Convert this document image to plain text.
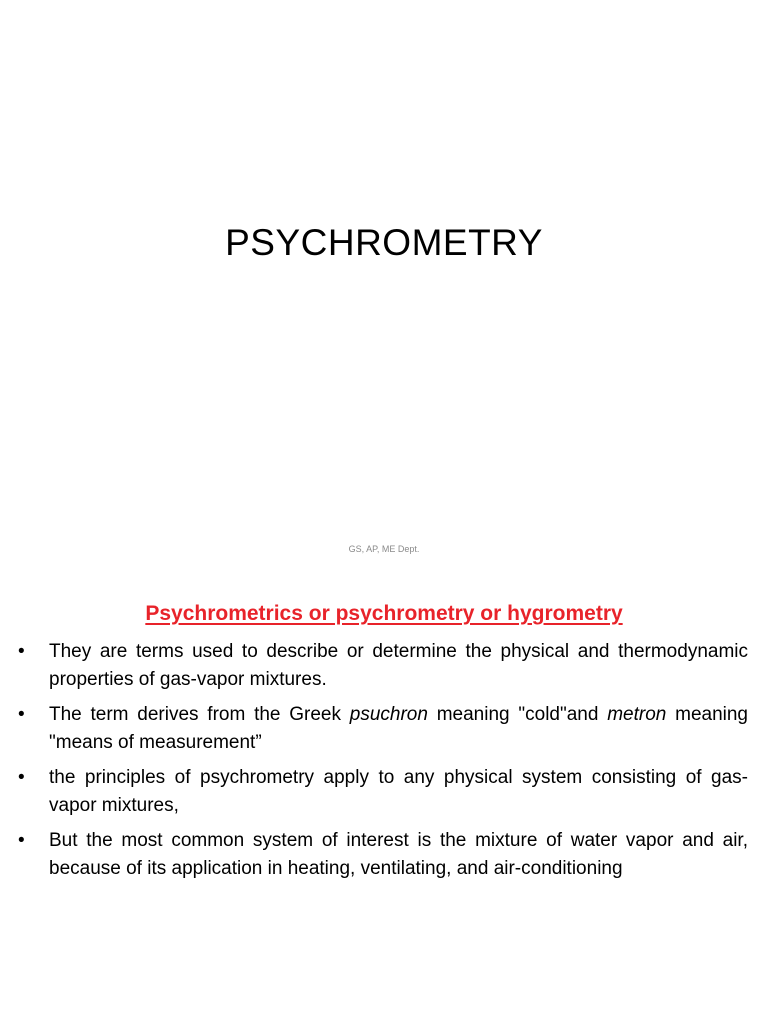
PSYCHROMETRY
GS, AP, ME Dept.
Psychrometrics or psychrometry or hygrometry
• They are terms used to describe or determine the physical and thermodynamic properties of gas-vapor mixtures.
• The term derives from the Greek psuchron meaning "cold"and metron meaning "means of measurement”
• the principles of psychrometry apply to any physical system consisting of gas-vapor mixtures,
• But the most common system of interest is the mixture of water vapor and air, because of its application in heating, ventilating, and air-conditioning
